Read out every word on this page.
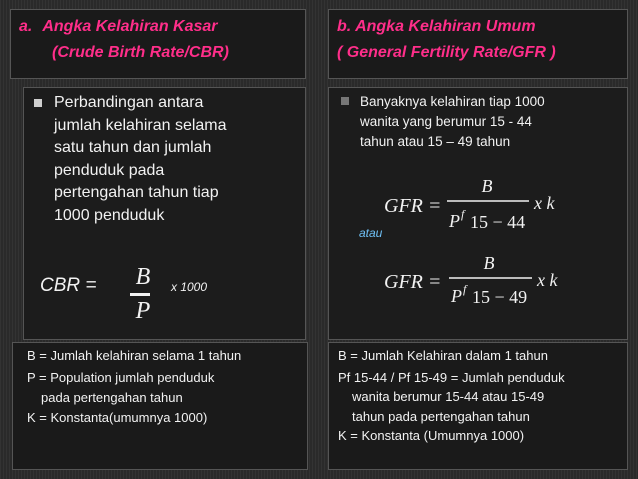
a. Angka Kelahiran Kasar
(Crude Birth Rate/CBR)
b. Angka Kelahiran Umum
( General Fertility Rate/GFR )
Perbandingan antara
jumlah kelahiran selama
satu tahun dan jumlah
penduduk pada
pertengahan tahun tiap
1000 penduduk
CBR = B
P
x 1000
Banyaknya kelahiran tiap 1000
wanita yang berumur 15 - 44
tahun atau 15 – 49 tahun
GFR =
B
P f 15 − 44
x k
GFR =
B
P f 15 − 49
x k
atau
B = Jumlah kelahiran selama 1 tahun
P = Population jumlah penduduk
pada pertengahan tahun
K = Konstanta(umumnya 1000)
B = Jumlah Kelahiran dalam 1 tahun
Pf 15-44 / Pf 15-49 = Jumlah penduduk
wanita berumur 15-44 atau 15-49
tahun pada pertengahan tahun
K = Konstanta (Umumnya 1000)
